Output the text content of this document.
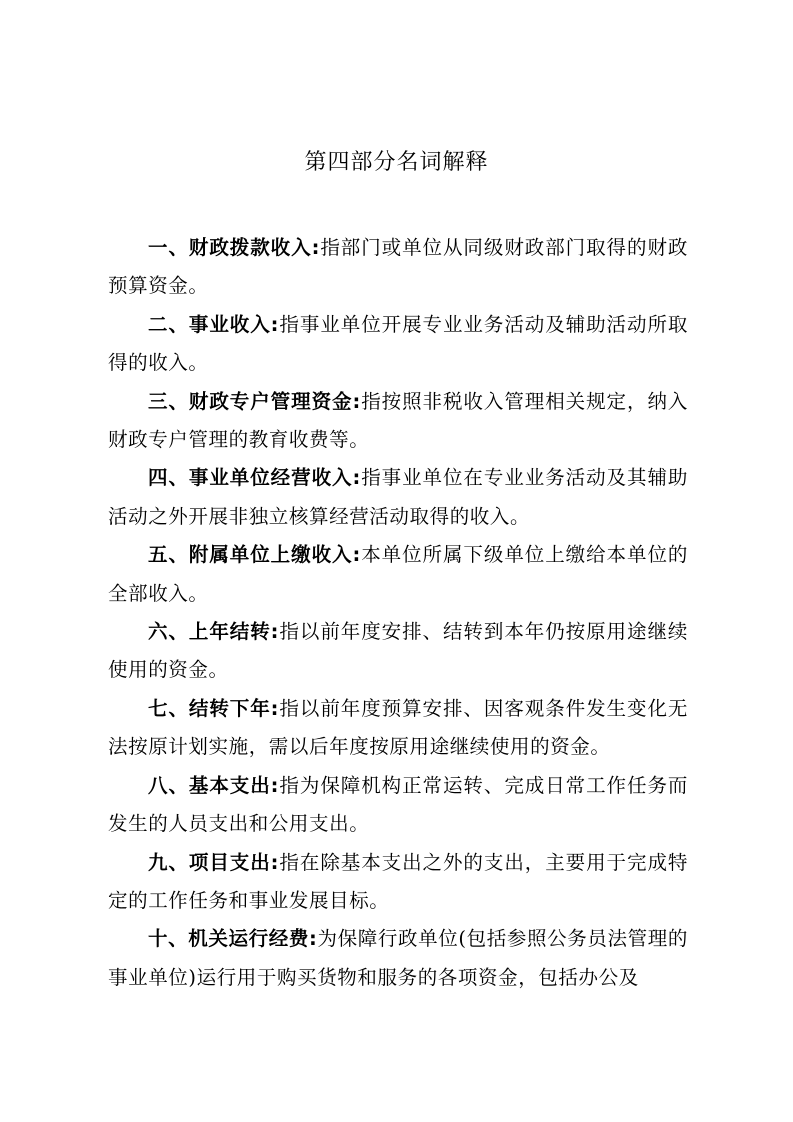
第四部分名词解释

一、财政拨款收入:指部门或单位从同级财政部门取得的财政预算资金。

二、事业收入:指事业单位开展专业业务活动及辅助活动所取得的收入。

三、财政专户管理资金:指按照非税收入管理相关规定，纳入财政专户管理的教育收费等。

四、事业单位经营收入:指事业单位在专业业务活动及其辅助活动之外开展非独立核算经营活动取得的收入。

五、附属单位上缴收入:本单位所属下级单位上缴给本单位的全部收入。

六、上年结转:指以前年度安排、结转到本年仍按原用途继续使用的资金。

七、结转下年:指以前年度预算安排、因客观条件发生变化无法按原计划实施，需以后年度按原用途继续使用的资金。

八、基本支出:指为保障机构正常运转、完成日常工作任务而发生的人员支出和公用支出。

九、项目支出:指在除基本支出之外的支出，主要用于完成特定的工作任务和事业发展目标。

十、机关运行经费:为保障行政单位(包括参照公务员法管理的事业单位)运行用于购买货物和服务的各项资金，包括办公及
